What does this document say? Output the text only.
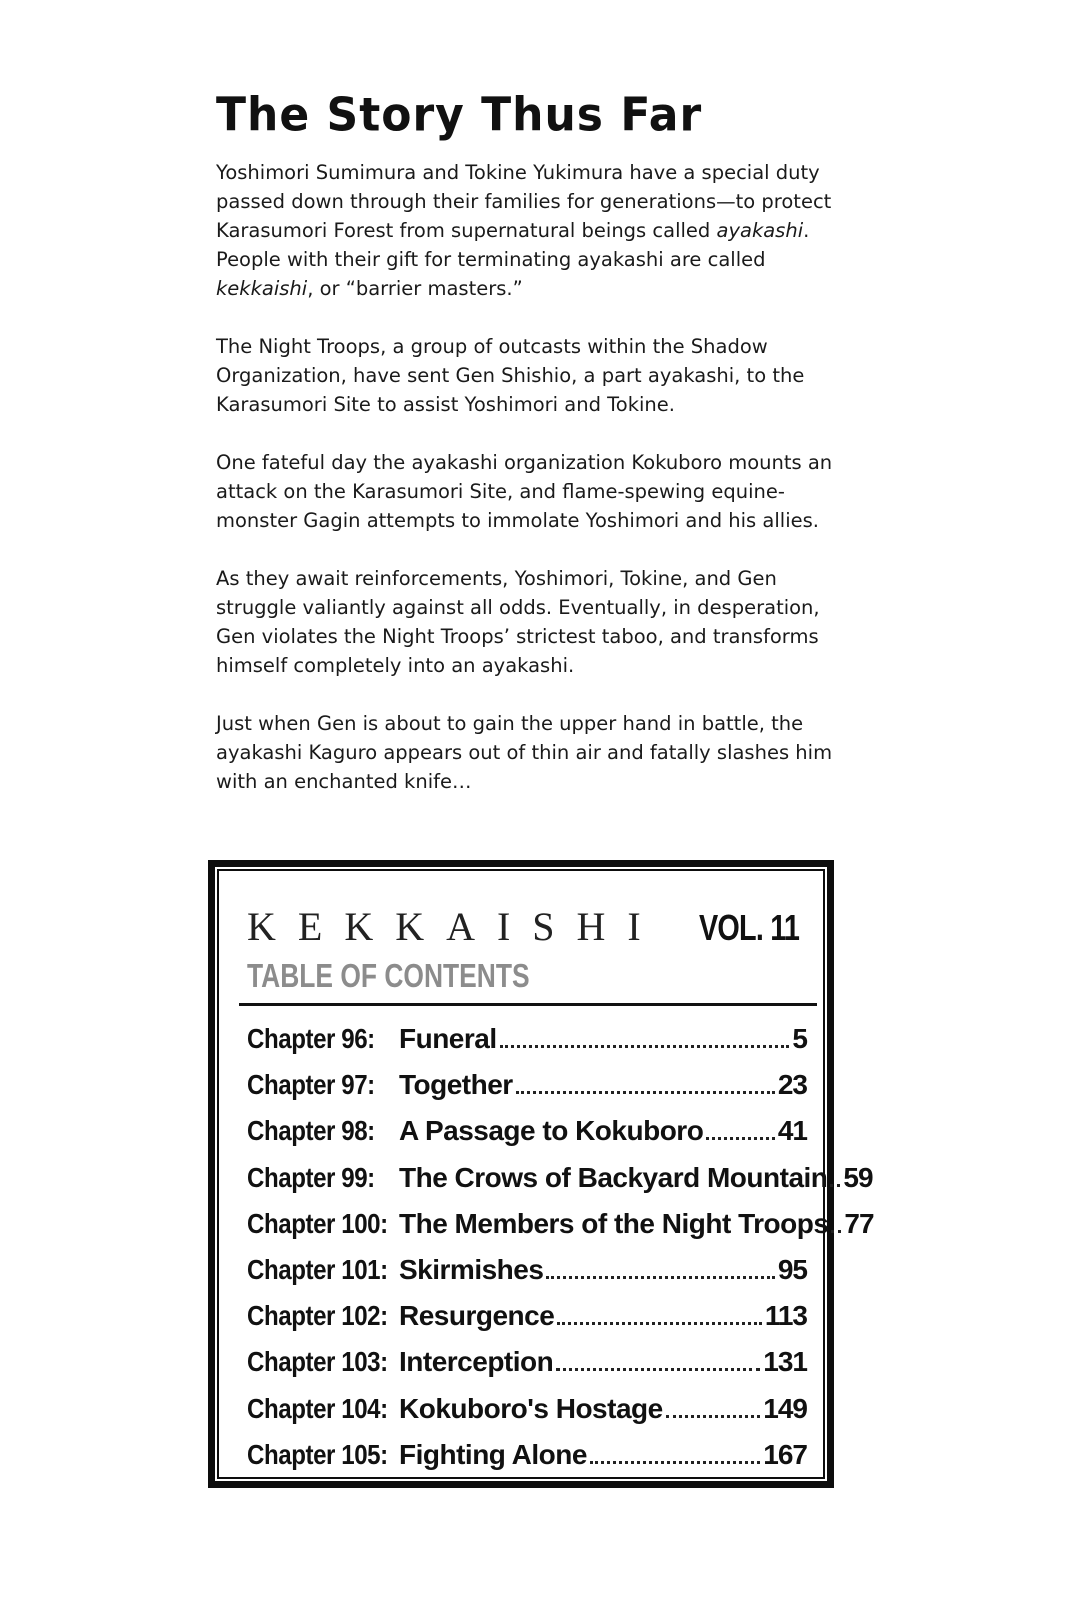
The Story Thus Far

Yoshimori Sumimura and Tokine Yukimura have a special duty passed down through their families for generations—to protect Karasumori Forest from supernatural beings called ayakashi. People with their gift for terminating ayakashi are called kekkaishi, or “barrier masters.”

The Night Troops, a group of outcasts within the Shadow Organization, have sent Gen Shishio, a part ayakashi, to the Karasumori Site to assist Yoshimori and Tokine.

One fateful day the ayakashi organization Kokuboro mounts an attack on the Karasumori Site, and flame-spewing equine-monster Gagin attempts to immolate Yoshimori and his allies.

As they await reinforcements, Yoshimori, Tokine, and Gen struggle valiantly against all odds. Eventually, in desperation, Gen violates the Night Troops’ strictest taboo, and transforms himself completely into an ayakashi.

Just when Gen is about to gain the upper hand in battle, the ayakashi Kaguro appears out of thin air and fatally slashes him with an enchanted knife…

KEKKAISHI VOL. 11
TABLE OF CONTENTS
Chapter 96: Funeral	5
Chapter 97: Together	23
Chapter 98: A Passage to Kokuboro	41
Chapter 99: The Crows of Backyard Mountain 59
Chapter 100: The Members of the Night Troops 77
Chapter 101: Skirmishes	95
Chapter 102: Resurgence	113
Chapter 103: Interception	131
Chapter 104: Kokuboro's Hostage	149
Chapter 105: Fighting Alone	167
